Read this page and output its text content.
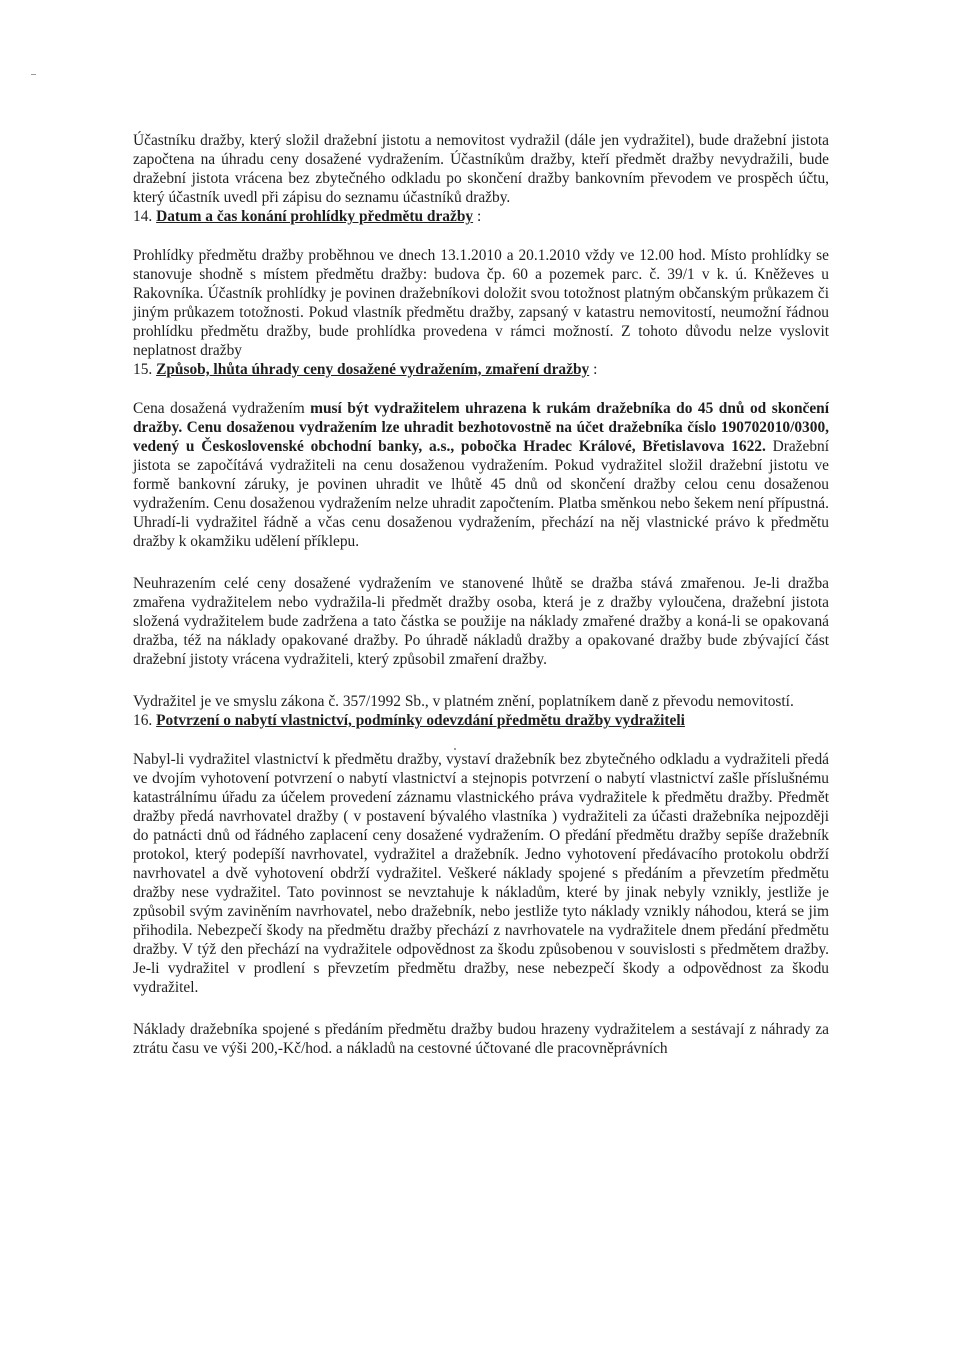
Účastníku dražby, který složil dražební jistotu a nemovitost vydražil (dále jen vydražitel), bude dražební jistota započtena na úhradu ceny dosažené vydražením. Účastníkům dražby, kteří předmět dražby nevydražili, bude dražební jistota vrácena bez zbytečného odkladu po skončení dražby bankovním převodem ve prospěch účtu, který účastník uvedl při zápisu do seznamu účastníků dražby.

14. Datum a čas konání prohlídky předmětu dražby :

Prohlídky předmětu dražby proběhnou ve dnech 13.1.2010 a 20.1.2010 vždy ve 12.00 hod. Místo prohlídky se stanovuje shodně s místem předmětu dražby: budova čp. 60 a pozemek parc. č. 39/1 v k. ú. Kněževes u Rakovníka. Účastník prohlídky je povinen dražebníkovi doložit svou totožnost platným občanským průkazem či jiným průkazem totožnosti. Pokud vlastník předmětu dražby, zapsaný v katastru nemovitostí, neumožní řádnou prohlídku předmětu dražby, bude prohlídka provedena v rámci možností. Z tohoto důvodu nelze vyslovit neplatnost dražby

15. Způsob, lhůta úhrady ceny dosažené vydražením, zmaření dražby :

Cena dosažená vydražením musí být vydražitelem uhrazena k rukám dražebníka do 45 dnů od skončení dražby. Cenu dosaženou vydražením lze uhradit bezhotovostně na účet dražebníka číslo 190702010/0300, vedený u Československé obchodní banky, a.s., pobočka Hradec Králové, Břetislavova 1622. Dražební jistota se započítává vydražiteli na cenu dosaženou vydražením. Pokud vydražitel složil dražební jistotu ve formě bankovní záruky, je povinen uhradit ve lhůtě 45 dnů od skončení dražby celou cenu dosaženou vydražením. Cenu dosaženou vydražením nelze uhradit započtením. Platba směnkou nebo šekem není přípustná. Uhradí-li vydražitel řádně a včas cenu dosaženou vydražením, přechází na něj vlastnické právo k předmětu dražby k okamžiku udělení příklepu.

Neuhrazením celé ceny dosažené vydražením ve stanovené lhůtě se dražba stává zmařenou. Je-li dražba zmařena vydražitelem nebo vydražila-li předmět dražby osoba, která je z dražby vyloučena, dražební jistota složená vydražitelem bude zadržena a tato částka se použije na náklady zmařené dražby a koná-li se opakovaná dražba, též na náklady opakované dražby. Po úhradě nákladů dražby a opakované dražby bude zbývající část dražební jistoty vrácena vydražiteli, který způsobil zmaření dražby.

Vydražitel je ve smyslu zákona č. 357/1992 Sb., v platném znění, poplatníkem daně z převodu nemovitostí.

16. Potvrzení o nabytí vlastnictví, podmínky odevzdání předmětu dražby vydražiteli

Nabyl-li vydražitel vlastnictví k předmětu dražby, vystaví dražebník bez zbytečného odkladu a vydražiteli předá ve dvojím vyhotovení potvrzení o nabytí vlastnictví a stejnopis potvrzení o nabytí vlastnictví zašle příslušnému katastrálnímu úřadu za účelem provedení záznamu vlastnického práva vydražitele k předmětu dražby. Předmět dražby předá navrhovatel dražby ( v postavení bývalého vlastníka ) vydražiteli za účasti dražebníka nejpozději do patnácti dnů od řádného zaplacení ceny dosažené vydražením. O předání předmětu dražby sepíše dražebník protokol, který podepíší navrhovatel, vydražitel a dražebník. Jedno vyhotovení předávacího protokolu obdrží navrhovatel a dvě vyhotovení obdrží vydražitel. Veškeré náklady spojené s předáním a převzetím předmětu dražby nese vydražitel. Tato povinnost se nevztahuje k nákladům, které by jinak nebyly vznikly, jestliže je způsobil svým zaviněním navrhovatel, nebo dražebník, nebo jestliže tyto náklady vznikly náhodou, která se jim přihodila. Nebezpečí škody na předmětu dražby přechází z navrhovatele na vydražitele dnem předání předmětu dražby. V týž den přechází na vydražitele odpovědnost za škodu způsobenou v souvislosti s předmětem dražby. Je-li vydražitel v prodlení s převzetím předmětu dražby, nese nebezpečí škody a odpovědnost za škodu vydražitel.

Náklady dražebníka spojené s předáním předmětu dražby budou hrazeny vydražitelem a sestávají z náhrady za ztrátu času ve výši 200,-Kč/hod. a nákladů na cestovné účtované dle pracovněprávních
